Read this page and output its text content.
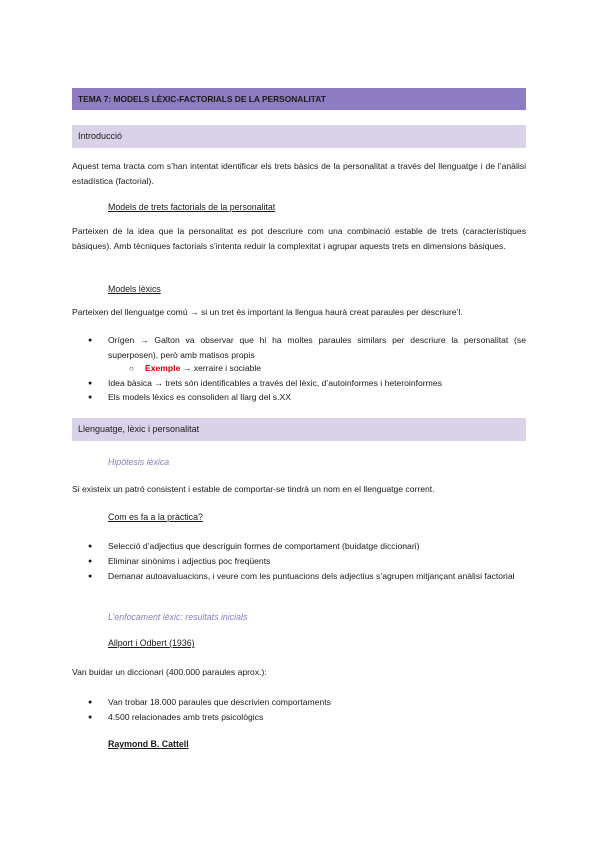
TEMA 7: MODELS LÈXIC-FACTORIALS DE LA PERSONALITAT
Introducció
Aquest tema tracta com s’han intentat identificar els trets bàsics de la personalitat a través del llenguatge i de l’anàlisi estadística (factorial).
Models de trets factorials de la personalitat
Parteixen de la idea que la personalitat es pot descriure com una combinació estable de trets (característiques bàsiques). Amb tècniques factorials s’intenta reduir la complexitat i agrupar aquests trets en dimensions bàsiques.
Models lèxics
Parteixen del llenguatge comú → si un tret és important la llengua haurà creat paraules per descriure’l.
● Orígen → Galton va observar que hi ha moltes paraules similars per descriure la personalitat (se superposen), però amb matisos propis
○ Exemple → xerraire i sociable
● Idea bàsica → trets són identificables a través del lèxic, d’autoinformes i heteroinformes
● Els models lèxics es consoliden al llarg del s.XX
Llenguatge, lèxic i personalitat
Hipòtesis lèxica
Si existeix un patró consistent i estable de comportar-se tindrà un nom en el llenguatge corrent.
Com es fa a la pràctica?
● Selecció d’adjectius que descriguin formes de comportament (buidatge diccionari)
● Eliminar sinònims i adjectius poc freqüents
● Demanar autoavaluacions, i veure com les puntuacions dels adjectius s’agrupen mitjançant anàlisi factorial
L’enfocament lèxic: resultats inicials
Allport i Odbert (1936)
Van buidar un diccionari (400.000 paraules aprox.):
● Van trobar 18.000 paraules que descrivien comportaments
● 4.500 relacionades amb trets psicològics
Raymond B. Cattell
